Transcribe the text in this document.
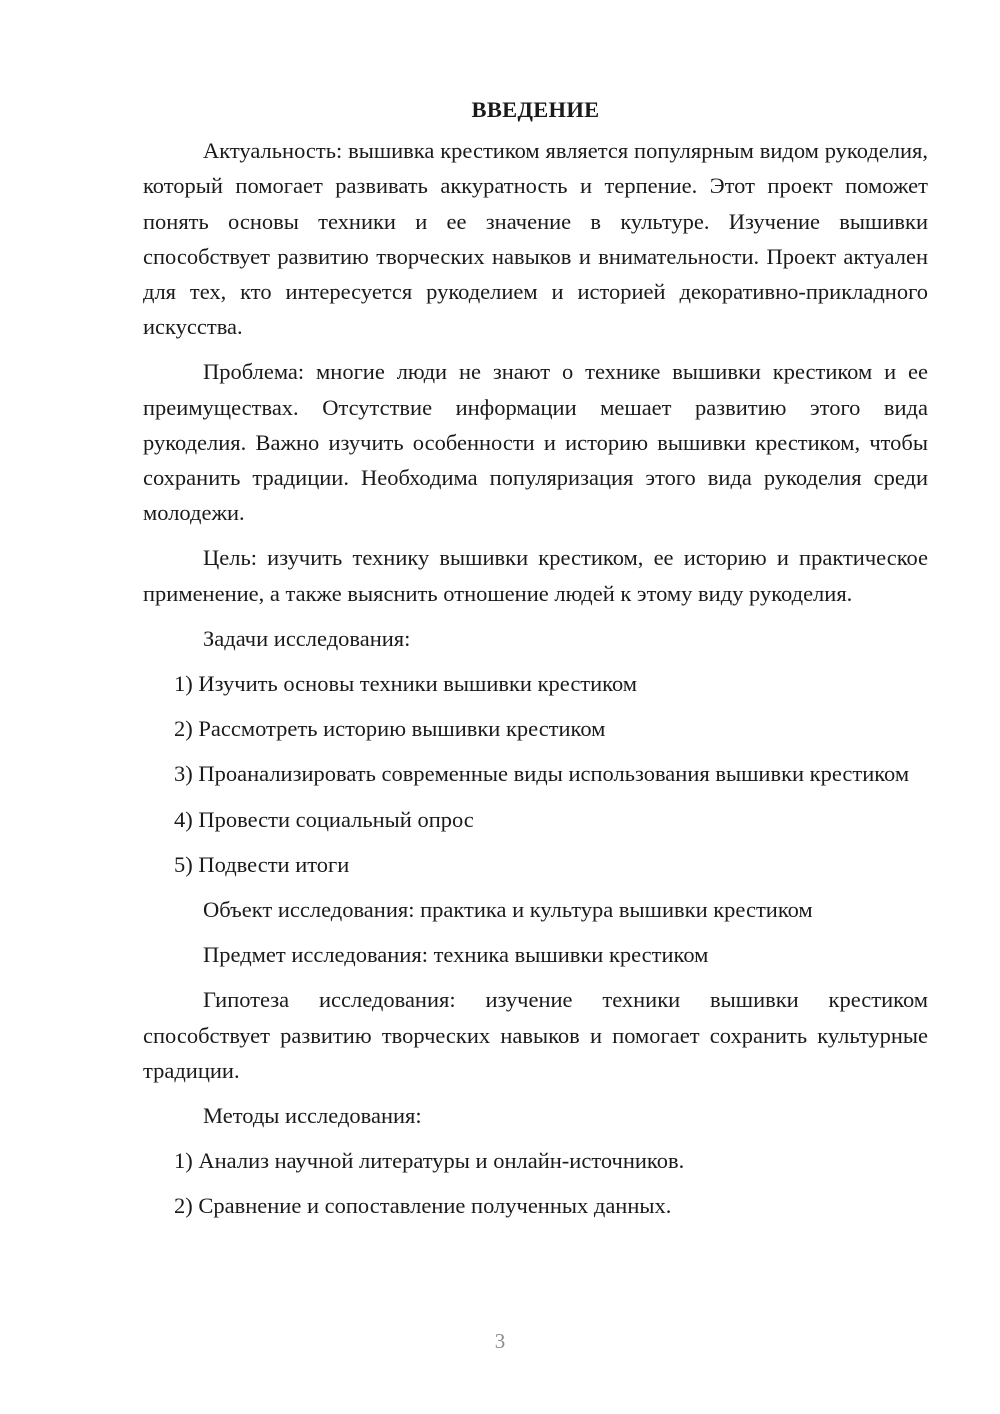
ВВЕДЕНИЕ

Актуальность: вышивка крестиком является популярным видом рукоделия, который помогает развивать аккуратность и терпение. Этот проект поможет понять основы техники и ее значение в культуре. Изучение вышивки способствует развитию творческих навыков и внимательности. Проект актуален для тех, кто интересуется рукоделием и историей декоративно-прикладного искусства.

Проблема: многие люди не знают о технике вышивки крестиком и ее преимуществах. Отсутствие информации мешает развитию этого вида рукоделия. Важно изучить особенности и историю вышивки крестиком, чтобы сохранить традиции. Необходима популяризация этого вида рукоделия среди молодежи.

Цель: изучить технику вышивки крестиком, ее историю и практическое применение, а также выяснить отношение людей к этому виду рукоделия.

Задачи исследования:

1) Изучить основы техники вышивки крестиком

2) Рассмотреть историю вышивки крестиком

3) Проанализировать современные виды использования вышивки крестиком

4) Провести социальный опрос

5) Подвести итоги

Объект исследования: практика и культура вышивки крестиком

Предмет исследования: техника вышивки крестиком

Гипотеза исследования: изучение техники вышивки крестиком способствует развитию творческих навыков и помогает сохранить культурные традиции.

Методы исследования:

1) Анализ научной литературы и онлайн-источников.

2) Сравнение и сопоставление полученных данных.

3
